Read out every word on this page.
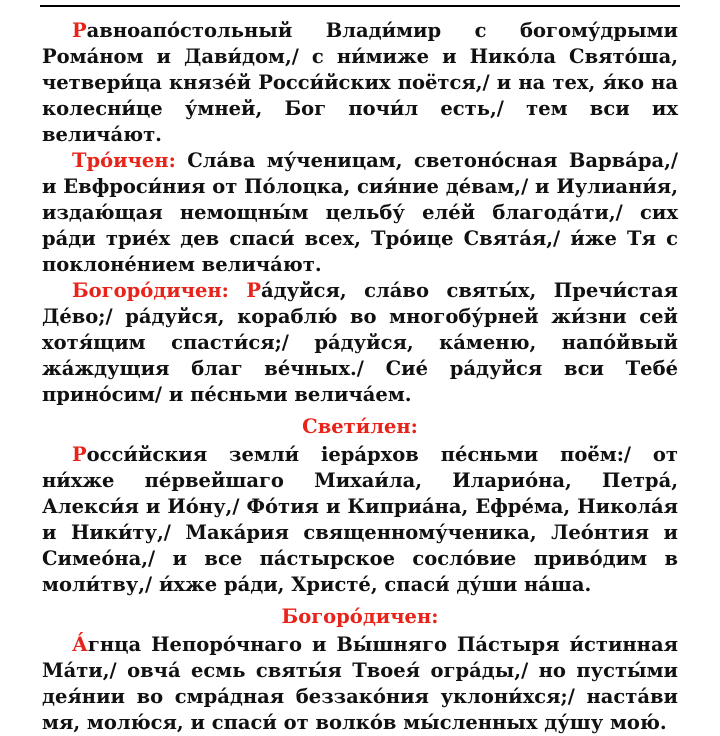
Равноапо́стольный Влади́мир с богому́дрыми Рома́ном и Дави́дом,/ с ни́миже и Нико́ла Свято́ша, четвери́ца князе́й Росси́йских поётся,/ и на тех, я́ко на колесни́це у́мней, Бог почи́л есть,/ тем вси их велича́ют.

Тро́ичен: Сла́ва му́ченицам, светоно́сная Варва́ра,/ и Евфроси́ния от По́лоцка, сия́ние де́вам,/ и Иулиани́я, издаю́щая немощны́м цельбу́ еле́й благода́ти,/ сих ра́ди трие́х дев спаси́ всех, Тро́ице Свята́я,/ и́же Тя с поклоне́нием велича́ют.

Богоро́дичен: Ра́дуйся, сла́во святы́х, Пречи́стая Де́во;/ ра́дуйся, кораблю́ во многобу́рней жи́зни сей хотя́щим спасти́ся;/ ра́дуйся, ка́меню, напо́йвый жа́ждущия благ ве́чных./ Сие́ ра́дуйся вси Тебе́ прино́сим/ и пе́сньми велича́ем.

Свети́лен:

Росси́йския земли́ iера́рхов пе́сньми поё́м:/ от ни́хже пе́рвейшаго Михаи́ла, Иларио́на, Петра́, Алекси́я и Ио́ну,/ Фо́тия и Киприа́на, Ефре́ма, Никола́я и Ники́ту,/ Мака́рия священному́ченика, Лео́нтия и Симео́на,/ и все па́стырское сосло́вие приво́дим в моли́тву,/ и́хже ра́ди, Христе́, спаси́ ду́ши на́ша.

Богоро́дичен:

А́гнца Непоро́чнаго и Вы́шняго Па́стыря и́стинная Ма́ти,/ овча́ есмь святы́я Твоея́ огра́ды,/ но пусты́ми дея́нии во смра́дная беззако́ния уклони́хся;/ наста́ви мя, молю́ся, и спаси́ от волко́в мы́сленных ду́шу мою́.
